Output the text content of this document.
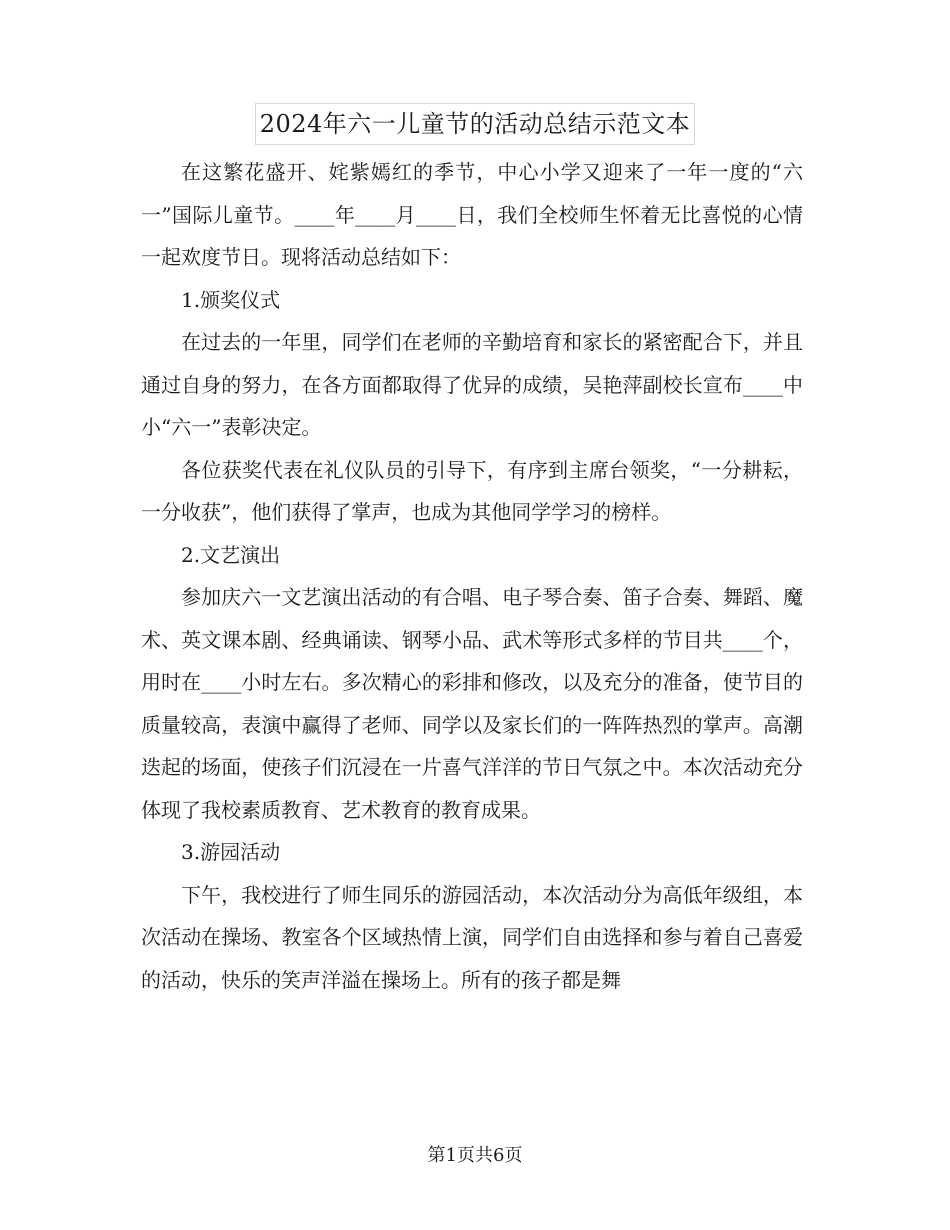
2024年六一儿童节的活动总结示范文本

在这繁花盛开、姹紫嫣红的季节，中心小学又迎来了一年一度的“六一”国际儿童节。____年____月____日，我们全校师生怀着无比喜悦的心情一起欢度节日。现将活动总结如下：

1.颁奖仪式

在过去的一年里，同学们在老师的辛勤培育和家长的紧密配合下，并且通过自身的努力，在各方面都取得了优异的成绩，吴艳萍副校长宣布____中小“六一”表彰决定。

各位获奖代表在礼仪队员的引导下，有序到主席台领奖，“一分耕耘，一分收获”，他们获得了掌声，也成为其他同学学习的榜样。

2.文艺演出

参加庆六一文艺演出活动的有合唱、电子琴合奏、笛子合奏、舞蹈、魔术、英文课本剧、经典诵读、钢琴小品、武术等形式多样的节目共____个，用时在____小时左右。多次精心的彩排和修改，以及充分的准备，使节目的质量较高，表演中赢得了老师、同学以及家长们的一阵阵热烈的掌声。高潮迭起的场面，使孩子们沉浸在一片喜气洋洋的节日气氛之中。本次活动充分体现了我校素质教育、艺术教育的教育成果。

3.游园活动

下午，我校进行了师生同乐的游园活动，本次活动分为高低年级组，本次活动在操场、教室各个区域热情上演，同学们自由选择和参与着自己喜爱的活动，快乐的笑声洋溢在操场上。所有的孩子都是舞

第1页共6页
